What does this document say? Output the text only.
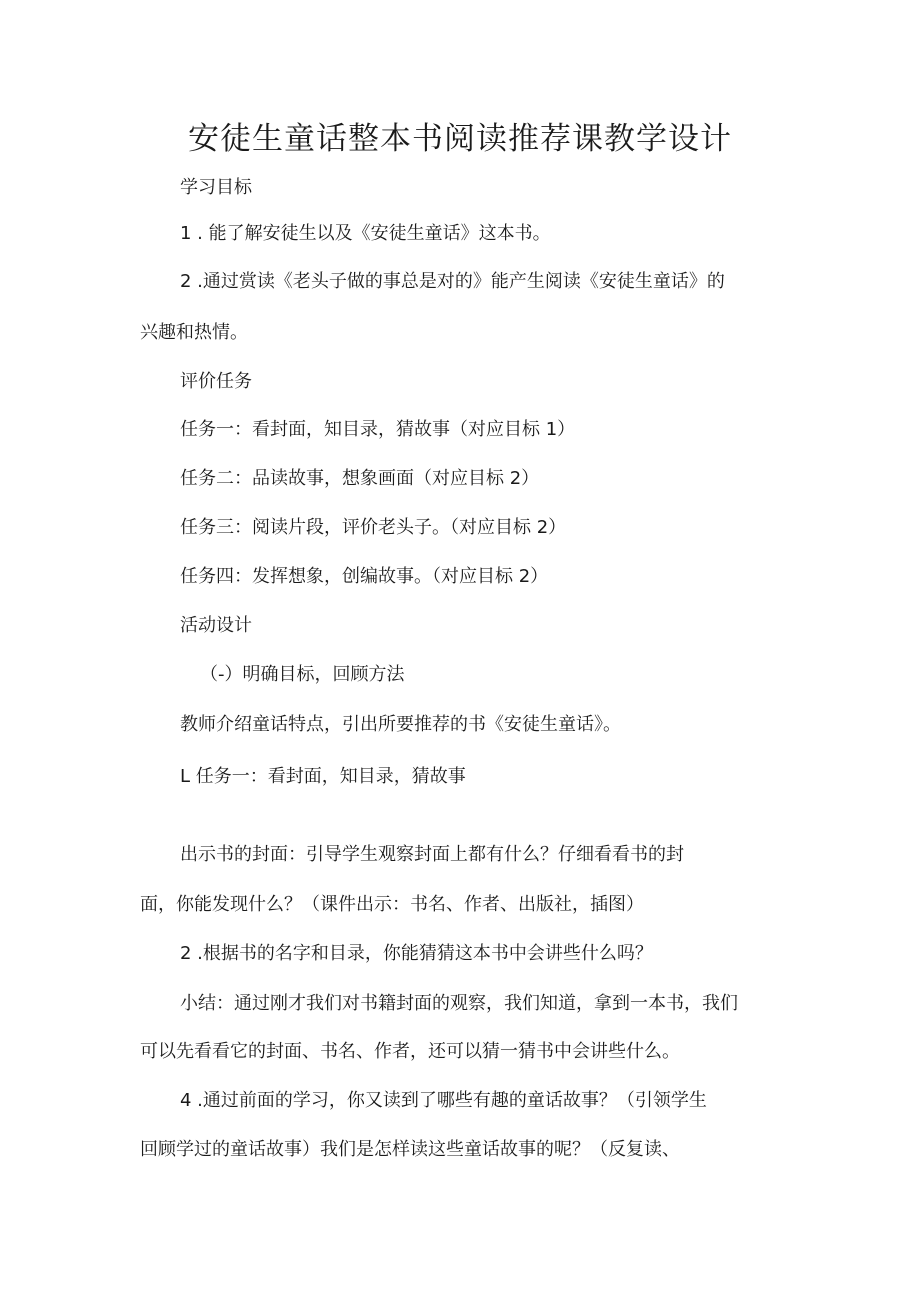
安徒生童话整本书阅读推荐课教学设计
学习目标
1 . 能了解安徒生以及《安徒生童话》这本书。
2 .通过赏读《老头子做的事总是对的》能产生阅读《安徒生童话》的
兴趣和热情。
评价任务
任务一：看封面，知目录，猜故事（对应目标 1）
任务二：品读故事，想象画面（对应目标 2）
任务三：阅读片段，评价老头子。（对应目标 2）
任务四：发挥想象，创编故事。（对应目标 2）
活动设计
（-）明确目标，回顾方法
教师介绍童话特点，引出所要推荐的书《安徒生童话》。
L 任务一：看封面，知目录，猜故事
出示书的封面：引导学生观察封面上都有什么？仔细看看书的封
面，你能发现什么？（课件出示：书名、作者、出版社，插图）
2 .根据书的名字和目录，你能猜猜这本书中会讲些什么吗？
小结：通过刚才我们对书籍封面的观察，我们知道，拿到一本书，我们
可以先看看它的封面、书名、作者，还可以猜一猜书中会讲些什么。
4 .通过前面的学习，你又读到了哪些有趣的童话故事？（引领学生
回顾学过的童话故事）我们是怎样读这些童话故事的呢？（反复读、
